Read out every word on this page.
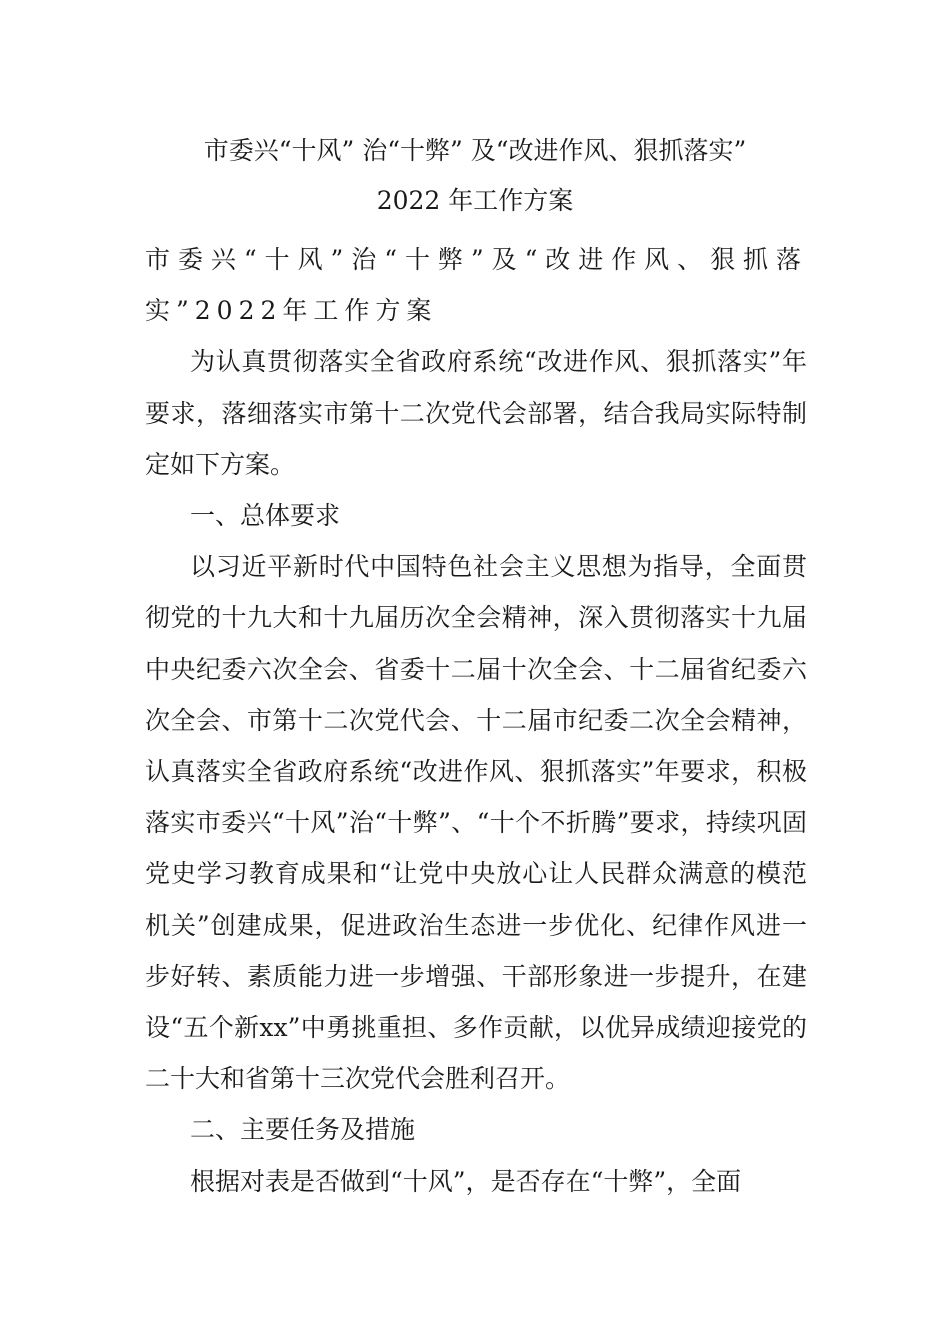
市委兴“十风” 治“十弊” 及“改进作风、狠抓落实”
2022 年工作方案

市委兴“十风”治“十弊”及“改进作风、狠抓落实”2022年工作方案

为认真贯彻落实全省政府系统“改进作风、狠抓落实”年要求，落细落实市第十二次党代会部署，结合我局实际特制定如下方案。

一、总体要求

以习近平新时代中国特色社会主义思想为指导，全面贯彻党的十九大和十九届历次全会精神，深入贯彻落实十九届中央纪委六次全会、省委十二届十次全会、十二届省纪委六次全会、市第十二次党代会、十二届市纪委二次全会精神，认真落实全省政府系统“改进作风、狠抓落实”年要求，积极落实市委兴“十风”治“十弊”、“十个不折腾”要求，持续巩固党史学习教育成果和“让党中央放心让人民群众满意的模范机关”创建成果，促进政治生态进一步优化、纪律作风进一步好转、素质能力进一步增强、干部形象进一步提升，在建设“五个新xx”中勇挑重担、多作贡献，以优异成绩迎接党的二十大和省第十三次党代会胜利召开。

二、主要任务及措施

根据对表是否做到“十风”，是否存在“十弊”，全面
